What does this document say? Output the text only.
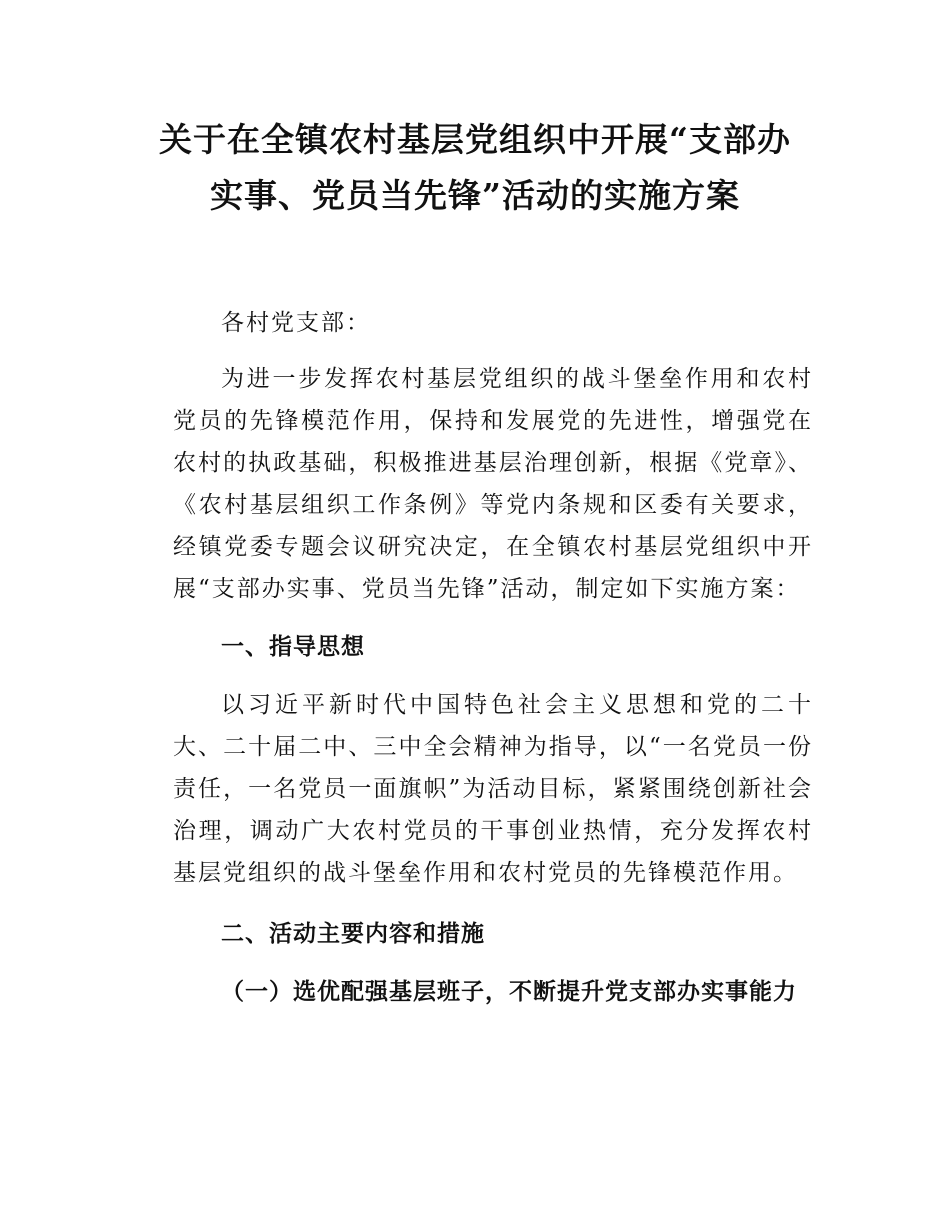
关于在全镇农村基层党组织中开展“支部办
实事、党员当先锋”活动的实施方案

各村党支部：

为进一步发挥农村基层党组织的战斗堡垒作用和农村党员的先锋模范作用，保持和发展党的先进性，增强党在农村的执政基础，积极推进基层治理创新，根据《党章》、《农村基层组织工作条例》等党内条规和区委有关要求，经镇党委专题会议研究决定，在全镇农村基层党组织中开展“支部办实事、党员当先锋”活动，制定如下实施方案：

一、指导思想

以习近平新时代中国特色社会主义思想和党的二十大、二十届二中、三中全会精神为指导，以“一名党员一份责任，一名党员一面旗帜”为活动目标，紧紧围绕创新社会治理，调动广大农村党员的干事创业热情，充分发挥农村基层党组织的战斗堡垒作用和农村党员的先锋模范作用。

二、活动主要内容和措施
（一）选优配强基层班子，不断提升党支部办实事能力
